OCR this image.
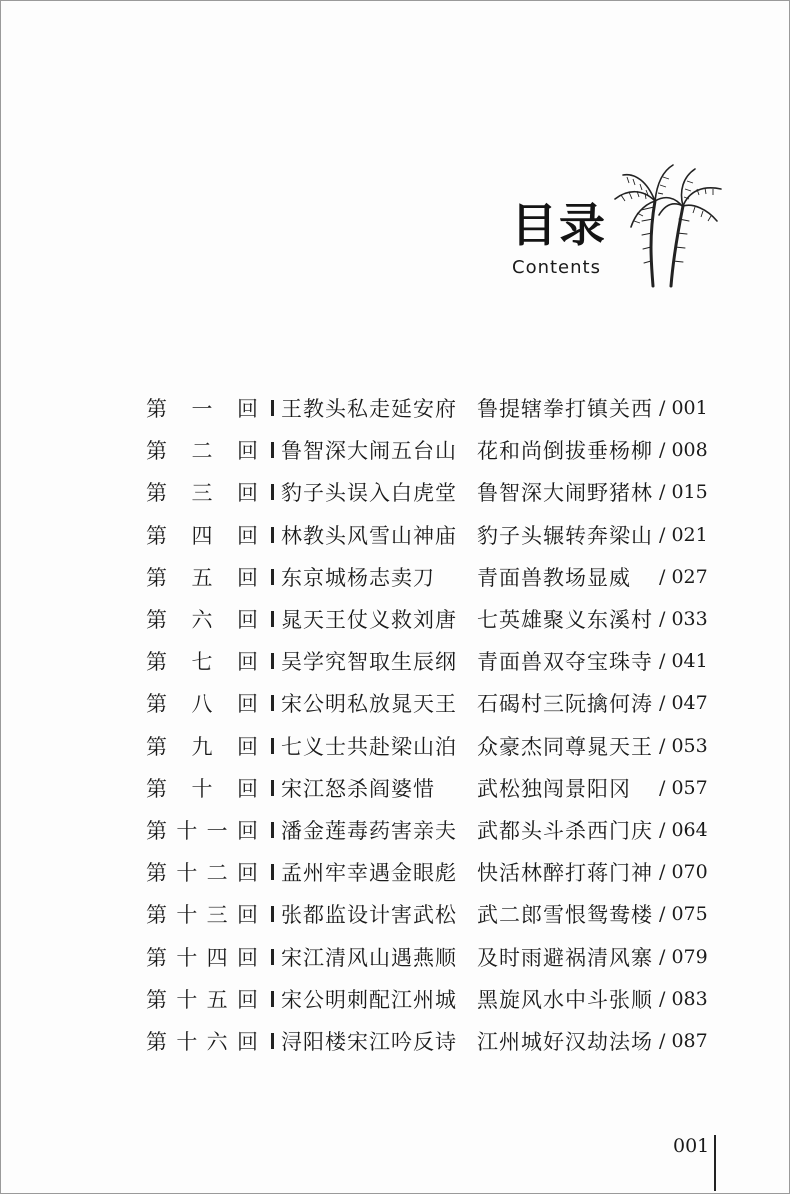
目录
Contents
第 一 回 王教头私走延安府 鲁提辖拳打镇关西 / 001
第 二 回 鲁智深大闹五台山 花和尚倒拔垂杨柳 / 008
第 三 回 豹子头误入白虎堂 鲁智深大闹野猪林 / 015
第 四 回 林教头风雪山神庙 豹子头辗转奔梁山 / 021
第 五 回 东京城杨志卖刀	青面兽教场显威	/ 027
第 六 回 晁天王仗义救刘唐 七英雄聚义东溪村 / 033
第 七 回 吴学究智取生辰纲 青面兽双夺宝珠寺 / 041
第 八 回 宋公明私放晁天王 石碣村三阮擒何涛 / 047
第 九 回 七义士共赴梁山泊 众豪杰同尊晁天王 / 053
第 十 回 宋江怒杀阎婆惜	武松独闯景阳冈	/ 057
第 十 一 回 潘金莲毒药害亲夫 武都头斗杀西门庆 / 064
第 十 二 回 孟州牢幸遇金眼彪 快活林醉打蒋门神 / 070
第 十 三 回 张都监设计害武松 武二郎雪恨鸳鸯楼 / 075
第 十 四 回 宋江清风山遇燕顺 及时雨避祸清风寨 / 079
第 十 五 回 宋公明刺配江州城 黑旋风水中斗张顺 / 083
第 十 六 回 浔阳楼宋江吟反诗 江州城好汉劫法场 / 087
001
